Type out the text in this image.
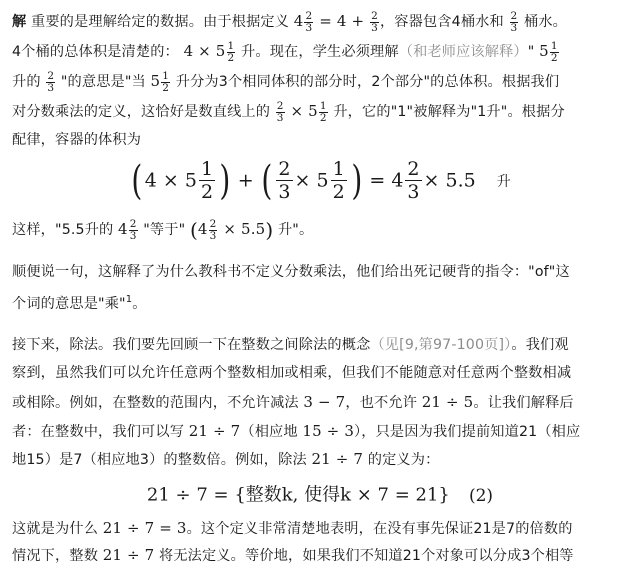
解 重要的是理解给定的数据。由于根据定义 $4 \frac{2}{3} = 4 + \frac{2}{3}$ ，容器包含4桶水和 $\frac{2}{3}$ 桶水。
4个桶的总体积是清楚的： $4 \times 5 \frac{1}{2}$ 升。现在，学生必须理解（和老师应该解释）" $5 \frac{1}{2}$
升的 $\frac{2}{3}$ "的意思是"当 $5 \frac{1}{2}$ 升分为3个相同体积的部分时，2个部分"的总体积。根据我们
对分数乘法的定义，这恰好是数直线上的 $\frac{2}{3} \times 5 \frac{1}{2}$ 升，它的"1"被解释为"1升"。根据分
配律，容器的体积为
( $4 \times 5 \frac{1}{2}$ ) + ( $\frac{2}{3} \times 5 \frac{1}{2}$ ) = $4 \frac{2}{3} \times 5.5$ 升
这样，"5.5升的 $4 \frac{2}{3}$ "等于" $(4 \frac{2}{3} \times 5.5)$ 升"。
顺便说一句，这解释了为什么教科书不定义分数乘法，他们给出死记硬背的指令："of"这
个词的意思是"乘"$^1$。
接下来，除法。我们要先回顾一下在整数之间除法的概念（见[9,第97-100页]）。我们观
察到，虽然我们可以允许任意两个整数相加或相乘，但我们不能随意对任意两个整数相减
或相除。例如，在整数的范围内，不允许减法 3 − 7，也不允许 21 ÷ 5。让我们解释后
者：在整数中，我们可以写 21 ÷ 7（相应地 15 ÷ 3），只是因为我们提前知道21（相应
地15）是7（相应地3）的整数倍。例如，除法 21 ÷ 7 的定义为：
21 ÷ 7 = {整数k, 使得k × 7 = 21} (2)
这就是为什么 21 ÷ 7 = 3。这个定义非常清楚地表明，在没有事先保证21是7的倍数的
情况下，整数 21 ÷ 7 将无法定义。等价地，如果我们不知道21个对象可以分成3个相等
